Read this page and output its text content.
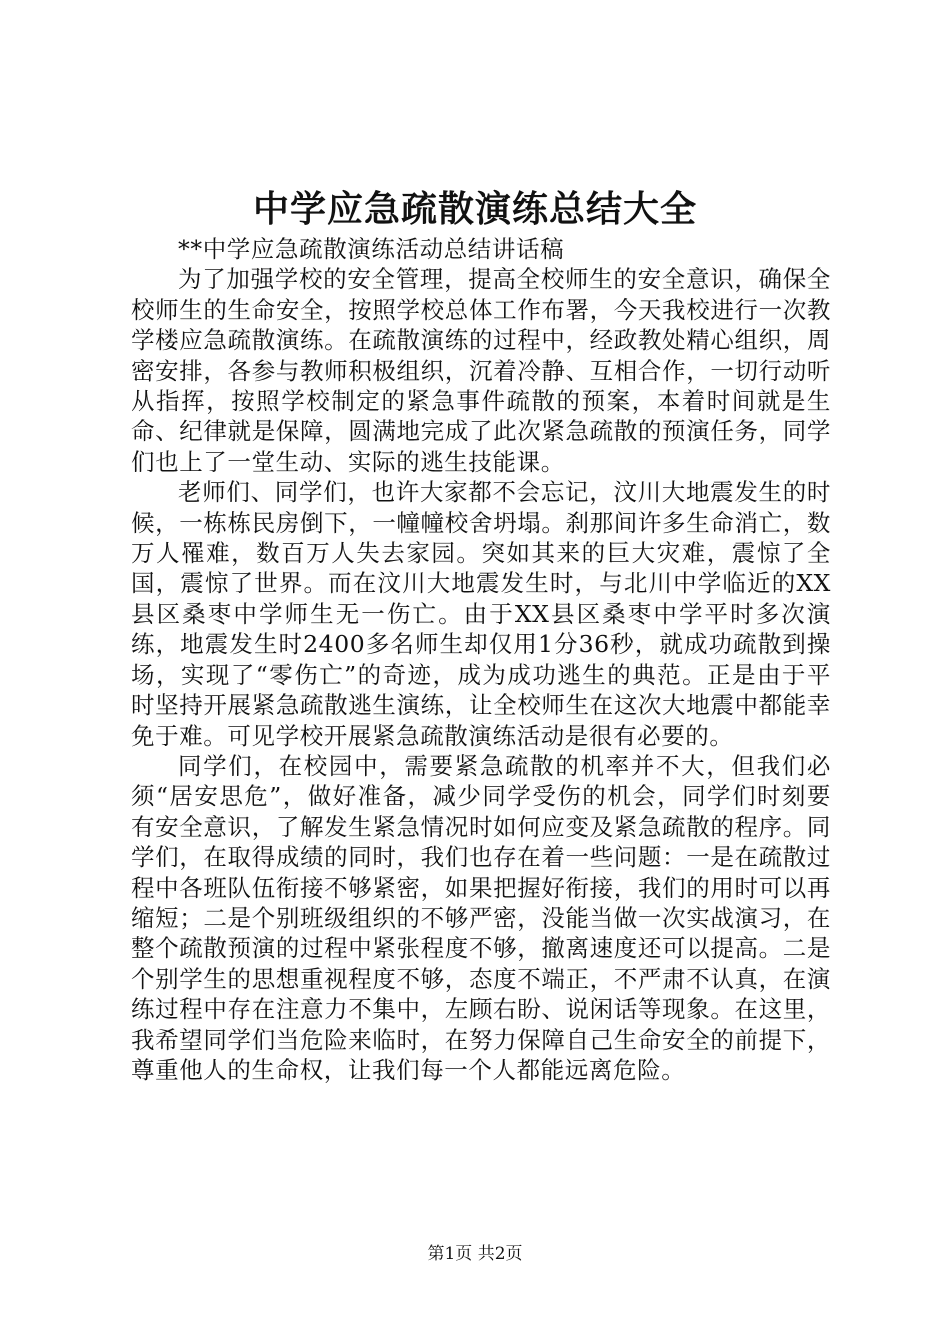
中学应急疏散演练总结大全

**中学应急疏散演练活动总结讲话稿

为了加强学校的安全管理，提高全校师生的安全意识，确保全校师生的生命安全，按照学校总体工作布署，今天我校进行一次教学楼应急疏散演练。在疏散演练的过程中，经政教处精心组织，周密安排，各参与教师积极组织，沉着冷静、互相合作，一切行动听从指挥，按照学校制定的紧急事件疏散的预案，本着时间就是生命、纪律就是保障，圆满地完成了此次紧急疏散的预演任务，同学们也上了一堂生动、实际的逃生技能课。

老师们、同学们，也许大家都不会忘记，汶川大地震发生的时候，一栋栋民房倒下，一幢幢校舍坍塌。刹那间许多生命消亡，数万人罹难，数百万人失去家园。突如其来的巨大灾难，震惊了全国，震惊了世界。而在汶川大地震发生时，与北川中学临近的XX县区桑枣中学师生无一伤亡。由于XX县区桑枣中学平时多次演练，地震发生时2400多名师生却仅用1分36秒，就成功疏散到操场，实现了“零伤亡”的奇迹，成为成功逃生的典范。正是由于平时坚持开展紧急疏散逃生演练，让全校师生在这次大地震中都能幸免于难。可见学校开展紧急疏散演练活动是很有必要的。

同学们，在校园中，需要紧急疏散的机率并不大，但我们必须“居安思危”，做好准备，减少同学受伤的机会，同学们时刻要有安全意识，了解发生紧急情况时如何应变及紧急疏散的程序。同学们，在取得成绩的同时，我们也存在着一些问题：一是在疏散过程中各班队伍衔接不够紧密，如果把握好衔接，我们的用时可以再缩短；二是个别班级组织的不够严密，没能当做一次实战演习，在整个疏散预演的过程中紧张程度不够，撤离速度还可以提高。二是个别学生的思想重视程度不够，态度不端正，不严肃不认真，在演练过程中存在注意力不集中，左顾右盼、说闲话等现象。在这里，我希望同学们当危险来临时，在努力保障自己生命安全的前提下，尊重他人的生命权，让我们每一个人都能远离危险。

第1页 共2页
